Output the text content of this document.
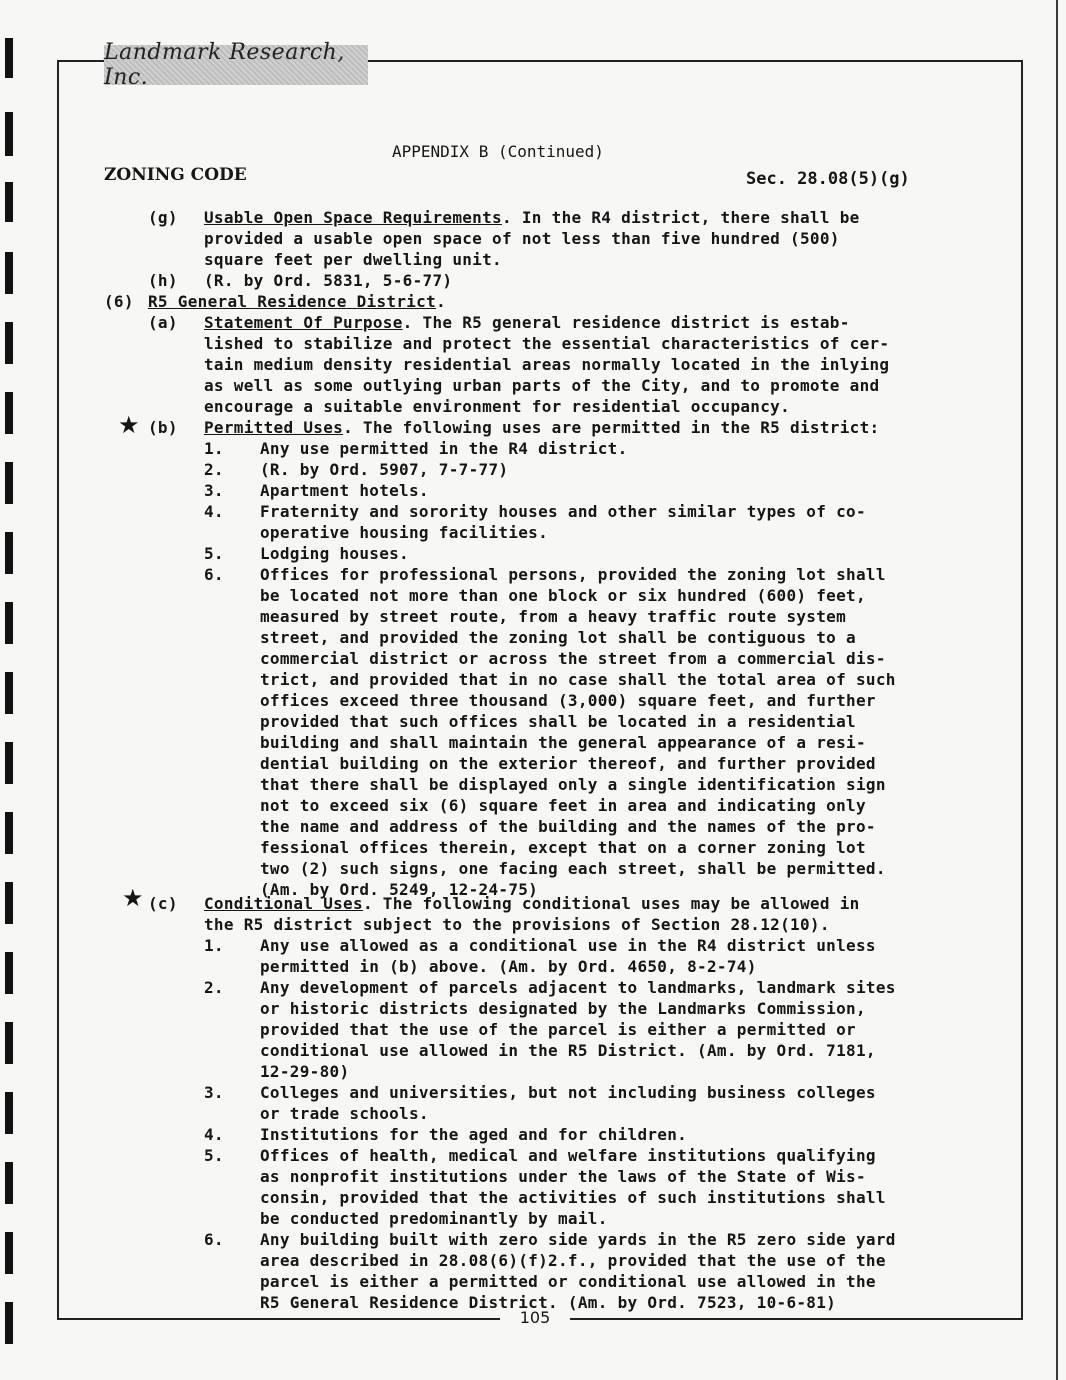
Landmark Research, Inc.
105
APPENDIX B (Continued)
ZONING CODE	Sec. 28.08(5)(g)
(g) Usable Open Space Requirements. In the R4 district, there shall be
provided a usable open space of not less than five hundred (500)
square feet per dwelling unit.
(h) (R. by Ord. 5831, 5-6-77)
(6) R5 General Residence District.
(a) Statement Of Purpose. The R5 general residence district is estab-
lished to stabilize and protect the essential characteristics of cer-
tain medium density residential areas normally located in the inlying
as well as some outlying urban parts of the City, and to promote and
encourage a suitable environment for residential occupancy.
★ (b) Permitted Uses. The following uses are permitted in the R5 district:
1. Any use permitted in the R4 district.
2. (R. by Ord. 5907, 7-7-77)
3. Apartment hotels.
4. Fraternity and sorority houses and other similar types of co-
operative housing facilities.
5. Lodging houses.
6. Offices for professional persons, provided the zoning lot shall
be located not more than one block or six hundred (600) feet,
measured by street route, from a heavy traffic route system
street, and provided the zoning lot shall be contiguous to a
commercial district or across the street from a commercial dis-
trict, and provided that in no case shall the total area of such
offices exceed three thousand (3,000) square feet, and further
provided that such offices shall be located in a residential
building and shall maintain the general appearance of a resi-
dential building on the exterior thereof, and further provided
that there shall be displayed only a single identification sign
not to exceed six (6) square feet in area and indicating only
the name and address of the building and the names of the pro-
fessional offices therein, except that on a corner zoning lot
two (2) such signs, one facing each street, shall be permitted.
(Am. by Ord. 5249, 12-24-75)
★ (c) Conditional Uses. The following conditional uses may be allowed in
the R5 district subject to the provisions of Section 28.12(10).
1. Any use allowed as a conditional use in the R4 district unless
permitted in (b) above. (Am. by Ord. 4650, 8-2-74)
2. Any development of parcels adjacent to landmarks, landmark sites
or historic districts designated by the Landmarks Commission,
provided that the use of the parcel is either a permitted or
conditional use allowed in the R5 District. (Am. by Ord. 7181,
12-29-80)
3. Colleges and universities, but not including business colleges
or trade schools.
4. Institutions for the aged and for children.
5. Offices of health, medical and welfare institutions qualifying
as nonprofit institutions under the laws of the State of Wis-
consin, provided that the activities of such institutions shall
be conducted predominantly by mail.
6. Any building built with zero side yards in the R5 zero side yard
area described in 28.08(6)(f)2.f., provided that the use of the
parcel is either a permitted or conditional use allowed in the
R5 General Residence District. (Am. by Ord. 7523, 10-6-81)
